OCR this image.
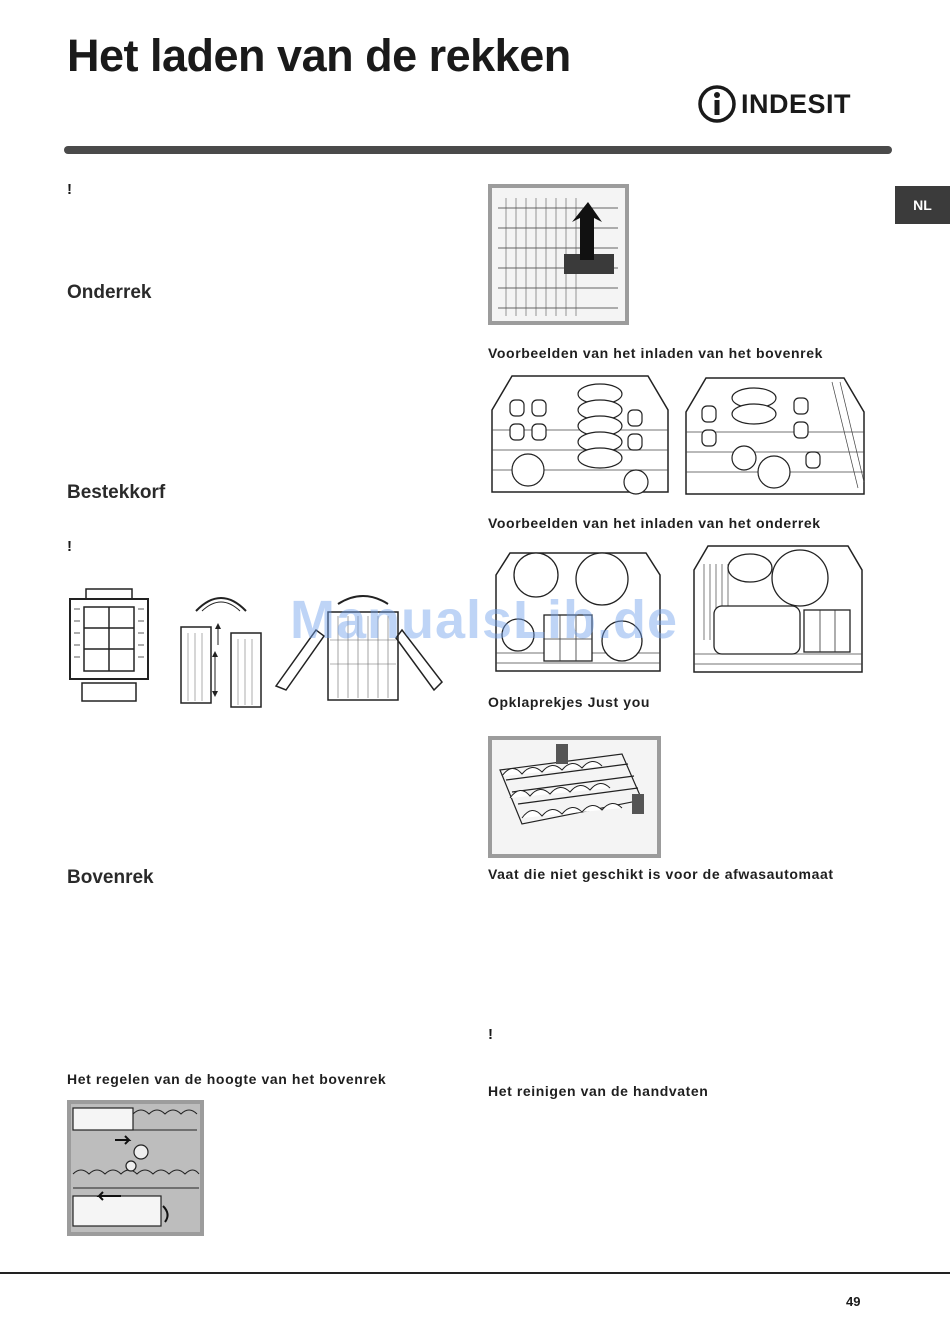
Het laden van de rekken
INDESIT
NL
!
Onderrek
Bestekkorf
!
Bovenrek
Het regelen van de hoogte van het bovenrek
Voorbeelden van het inladen van het bovenrek
Voorbeelden van het inladen van het onderrek
Opklaprekjes Just you
Vaat die niet geschikt is voor de afwasautomaat
!
Het reinigen van de handvaten
ManualsLib.de
49
